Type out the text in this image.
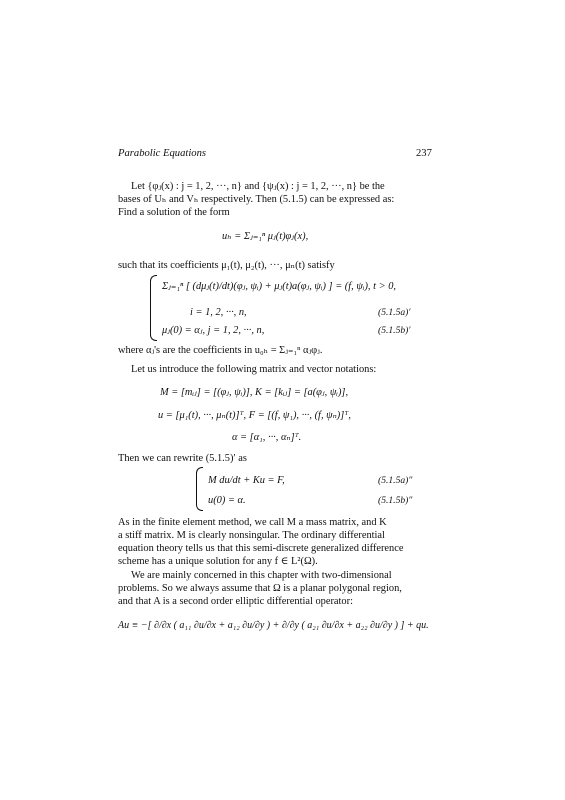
Parabolic Equations	237
Let {φⱼ(x) : j = 1, 2, ···, n} and {ψⱼ(x) : j = 1, 2, ···, n} be the
bases of Uₕ and Vₕ respectively. Then (5.1.5) can be expressed as:
Find a solution of the form
uₕ = Σⱼ₌₁ⁿ μⱼ(t)φⱼ(x),
such that its coefficients μ₁(t), μ₂(t), ···, μₙ(t) satisfy
Σⱼ₌₁ⁿ [ (dμⱼ(t)/dt)(φⱼ, ψᵢ) + μⱼ(t)a(φⱼ, ψᵢ) ] = (f, ψᵢ), t > 0,
i = 1, 2, ···, n,	(5.1.5a)′
μⱼ(0) = αⱼ, j = 1, 2, ···, n,	(5.1.5b)′
where αⱼ's are the coefficients in u₀ₕ = Σⱼ₌₁ⁿ αⱼφⱼ.
Let us introduce the following matrix and vector notations:
M = [mᵢⱼ] = [(φⱼ, ψᵢ)], K = [kᵢⱼ] = [a(φⱼ, ψᵢ)],
u = [μ₁(t), ···, μₙ(t)]ᵀ, F = [(f, ψ₁), ···, (f, ψₙ)]ᵀ,
α = [α₁, ···, αₙ]ᵀ.
Then we can rewrite (5.1.5)′ as
M du/dt + Ku = F,	(5.1.5a)″
u(0) = α.	(5.1.5b)″
As in the finite element method, we call M a mass matrix, and K
a stiff matrix. M is clearly nonsingular. The ordinary differential
equation theory tells us that this semi-discrete generalized difference
scheme has a unique solution for any f ∈ L²(Ω).
We are mainly concerned in this chapter with two-dimensional
problems. So we always assume that Ω is a planar polygonal region,
and that A is a second order elliptic differential operator:
Au ≡ −[ ∂/∂x ( a₁₁ ∂u/∂x + a₁₂ ∂u/∂y ) + ∂/∂y ( a₂₁ ∂u/∂x + a₂₂ ∂u/∂y ) ] + qu.
